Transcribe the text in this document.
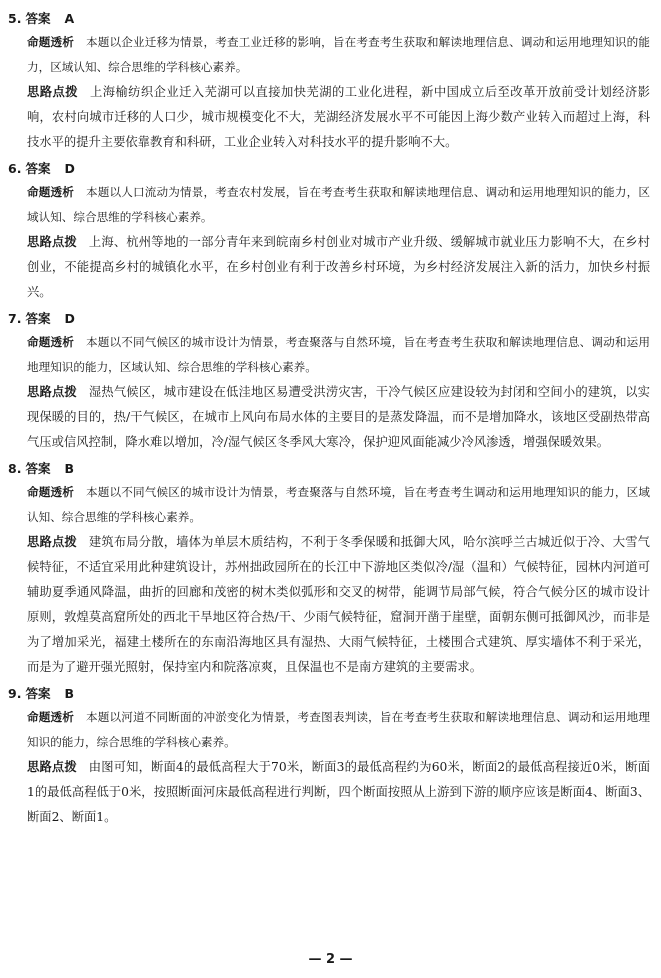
5. 答案 A
命题透析 本题以企业迁移为情景，考查工业迁移的影响，旨在考查考生获取和解读地理信息、调动和运用地理知识的能力，区域认知、综合思维的学科核心素养。
思路点拨 上海榆纺织企业迁入芜湖可以直接加快芜湖的工业化进程，新中国成立后至改革开放前受计划经济影响，农村向城市迁移的人口少，城市规模变化不大，芜湖经济发展水平不可能因上海少数产业转入而超过上海，科技水平的提升主要依靠教育和科研，工业企业转入对科技水平的提升影响不大。
6. 答案 D
命题透析 本题以人口流动为情景，考查农村发展，旨在考查考生获取和解读地理信息、调动和运用地理知识的能力，区域认知、综合思维的学科核心素养。
思路点拨 上海、杭州等地的一部分青年来到皖南乡村创业对城市产业升级、缓解城市就业压力影响不大，在乡村创业，不能提高乡村的城镇化水平，在乡村创业有利于改善乡村环境，为乡村经济发展注入新的活力，加快乡村振兴。
7. 答案 D
命题透析 本题以不同气候区的城市设计为情景，考查聚落与自然环境，旨在考查考生获取和解读地理信息、调动和运用地理知识的能力，区域认知、综合思维的学科核心素养。
思路点拨 湿热气候区，城市建设在低洼地区易遭受洪涝灾害，干冷气候区应建设较为封闭和空间小的建筑，以实现保暖的目的，热/干气候区，在城市上风向布局水体的主要目的是蒸发降温，而不是增加降水，该地区受副热带高气压或信风控制，降水难以增加，冷/湿气候区冬季风大寒冷，保护迎风面能减少冷风渗透，增强保暖效果。
8. 答案 B
命题透析 本题以不同气候区的城市设计为情景，考查聚落与自然环境，旨在考查考生调动和运用地理知识的能力，区域认知、综合思维的学科核心素养。
思路点拨 建筑布局分散，墙体为单层木质结构，不利于冬季保暖和抵御大风，哈尔滨呼兰古城近似于冷、大雪气候特征，不适宜采用此种建筑设计，苏州拙政园所在的长江中下游地区类似冷/湿（温和）气候特征，园林内河道可辅助夏季通风降温，曲折的回廊和茂密的树木类似弧形和交叉的树带，能调节局部气候，符合气候分区的城市设计原则，敦煌莫高窟所处的西北干旱地区符合热/干、少雨气候特征，窟洞开凿于崖壁，面朝东侧可抵御风沙，而非是为了增加采光，福建土楼所在的东南沿海地区具有湿热、大雨气候特征，土楼围合式建筑、厚实墙体不利于采光，而是为了避开强光照射，保持室内和院落凉爽，且保温也不是南方建筑的主要需求。
9. 答案 B
命题透析 本题以河道不同断面的冲淤变化为情景，考查图表判读，旨在考查考生获取和解读地理信息、调动和运用地理知识的能力，综合思维的学科核心素养。
思路点拨 由图可知，断面4的最低高程大于70米，断面3的最低高程约为60米，断面2的最低高程接近0米，断面1的最低高程低于0米，按照断面河床最低高程进行判断，四个断面按照从上游到下游的顺序应该是断面4、断面3、断面2、断面1。
— 2 —
